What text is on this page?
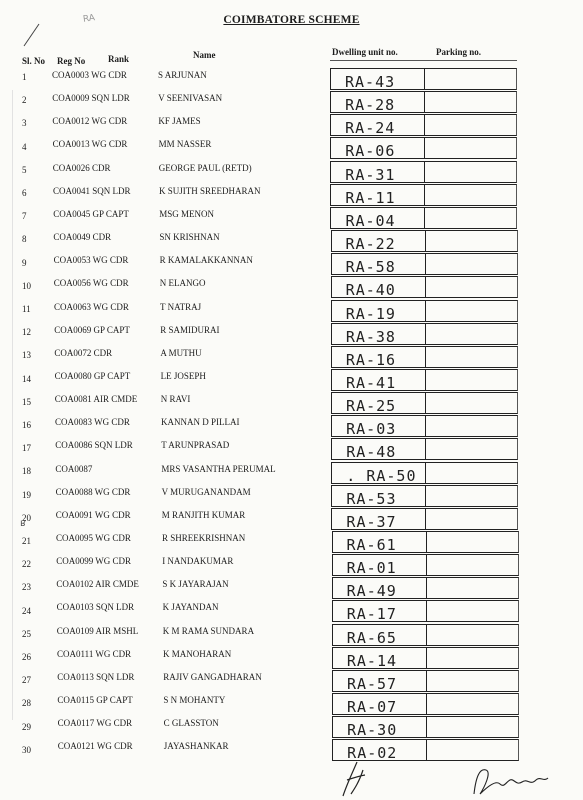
COIMBATORE SCHEME
RA
Sl. No Reg No	Rank	Name	Dwelling unit no.	Parking no.
ʁ
1	COA0003 WG CDR	S ARJUNAN	RA-43
2	COA0009 SQN LDR	V SEENIVASAN	RA-28
3	COA0012 WG CDR	KF JAMES	RA-24
4	COA0013 WG CDR	MM NASSER	RA-06
5	COA0026 CDR	GEORGE PAUL (RETD)	RA-31
6	COA0041 SQN LDR	K SUJITH SREEDHARAN	RA-11
7	COA0045 GP CAPT	MSG MENON	RA-04
8	COA0049 CDR	SN KRISHNAN	RA-22
9	COA0053 WG CDR	R KAMALAKKANNAN	RA-58
10	COA0056 WG CDR	N ELANGO	RA-40
11	COA0063 WG CDR	T NATRAJ	RA-19
12	COA0069 GP CAPT	R SAMIDURAI	RA-38
13	COA0072 CDR	A MUTHU	RA-16
14	COA0080 GP CAPT	LE JOSEPH	RA-41
15	COA0081 AIR CMDE	N RAVI	RA-25
16	COA0083 WG CDR	KANNAN D PILLAI	RA-03
17	COA0086 SQN LDR	T ARUNPRASAD	RA-48
18	COA0087	MRS VASANTHA PERUMAL	. RA-50
19	COA0088 WG CDR	V MURUGANANDAM	RA-53
20	COA0091 WG CDR	M RANJITH KUMAR	RA-37
21	COA0095 WG CDR	R SHREEKRISHNAN	RA-61
22	COA0099 WG CDR	I NANDAKUMAR	RA-01
23	COA0102 AIR CMDE	S K JAYARAJAN	RA-49
24	COA0103 SQN LDR	K JAYANDAN	RA-17
25	COA0109 AIR MSHL	K M RAMA SUNDARA	RA-65
26	COA0111 WG CDR	K MANOHARAN	RA-14
27	COA0113 SQN LDR	RAJIV GANGADHARAN	RA-57
28	COA0115 GP CAPT	S N MOHANTY	RA-07
29	COA0117 WG CDR	C GLASSTON	RA-30
30	COA0121 WG CDR	JAYASHANKAR	RA-02
